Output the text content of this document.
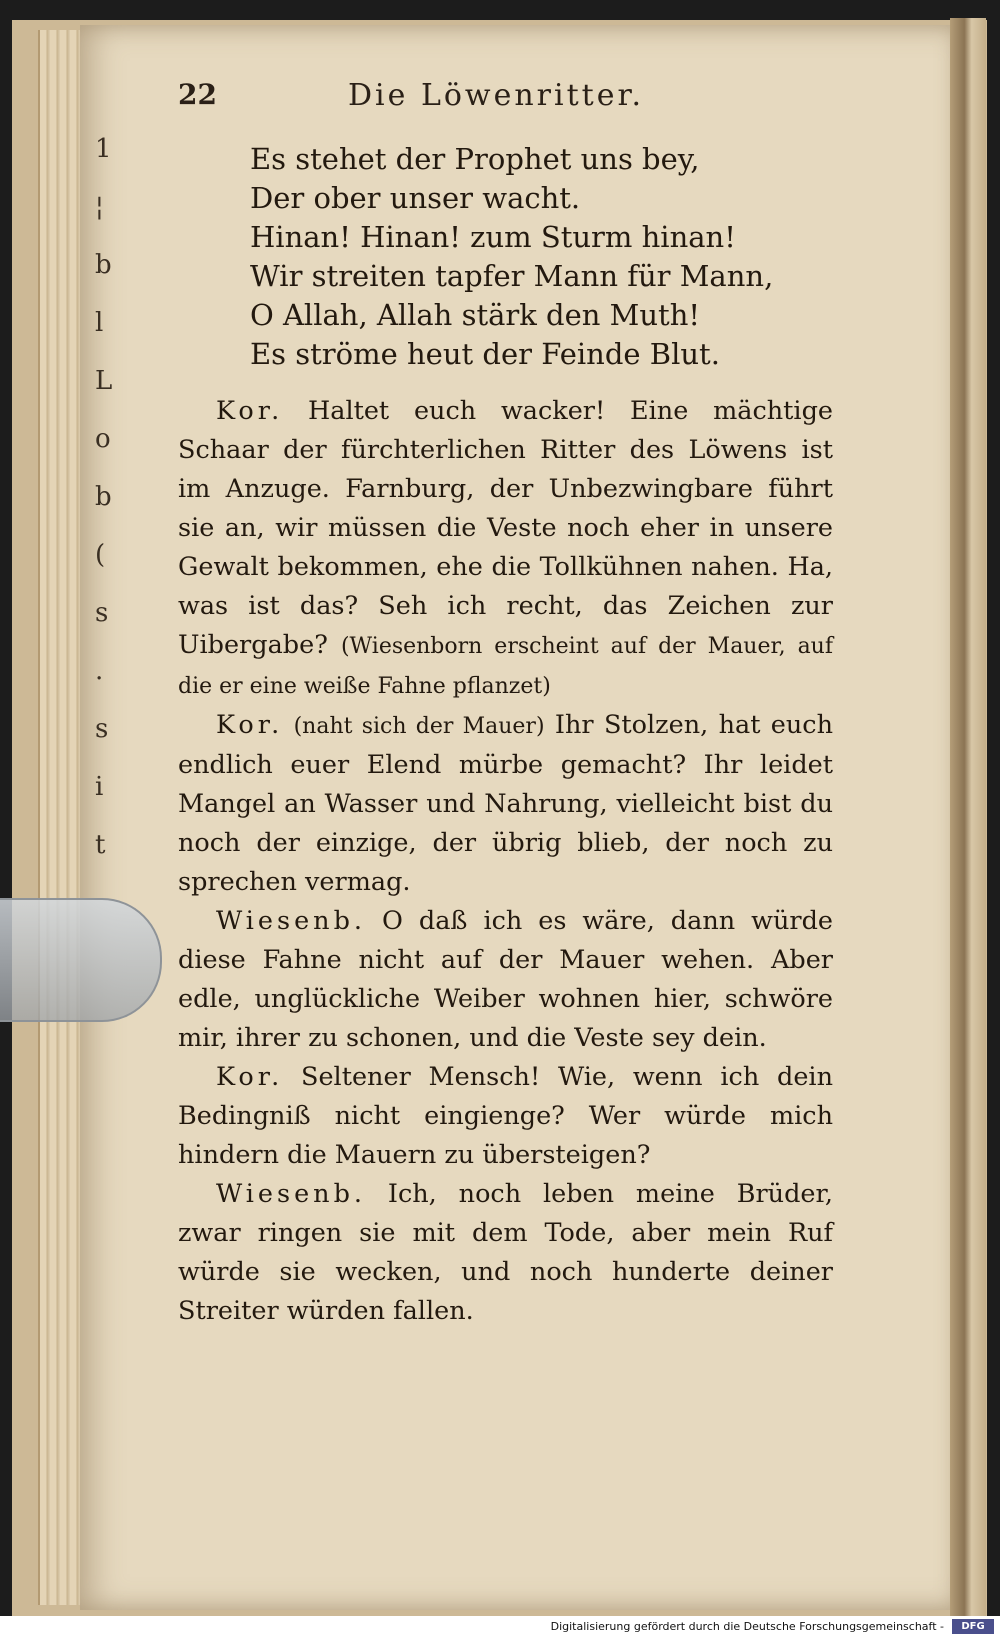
1
¦
b
l
L
o
b
(
s
.
s
i
t
22	Die Löwenritter.
Es stehet der Prophet uns bey,
Der ober unser wacht.
Hinan! Hinan! zum Sturm hinan!
Wir streiten tapfer Mann für Mann,
O Allah, Allah stärk den Muth!
Es ströme heut der Feinde Blut.

Kor. Haltet euch wacker! Eine mächtige Schaar der fürchterlichen Ritter des Löwens ist im Anzuge. Farnburg, der Unbezwingbare führt sie an, wir müssen die Veste noch eher in unsere Gewalt bekommen, ehe die Tollkühnen nahen. Ha, was ist das? Seh ich recht, das Zeichen zur Uibergabe? (Wiesenborn erscheint auf der Mauer, auf die er eine weiße Fahne pflanzet)

Kor. (naht sich der Mauer) Ihr Stolzen, hat euch endlich euer Elend mürbe gemacht? Ihr leidet Mangel an Wasser und Nahrung, vielleicht bist du noch der einzige, der übrig blieb, der noch zu sprechen vermag.

Wiesenb. O daß ich es wäre, dann würde diese Fahne nicht auf der Mauer wehen. Aber edle, unglückliche Weiber wohnen hier, schwöre mir, ihrer zu schonen, und die Veste sey dein.

Kor. Seltener Mensch! Wie, wenn ich dein Bedingniß nicht eingienge? Wer würde mich hindern die Mauern zu übersteigen?

Wiesenb. Ich, noch leben meine Brüder, zwar ringen sie mit dem Tode, aber mein Ruf würde sie wecken, und noch hunderte deiner Streiter würden fallen.

Digitalisierung gefördert durch die Deutsche Forschungsgemeinschaft -	DFG
